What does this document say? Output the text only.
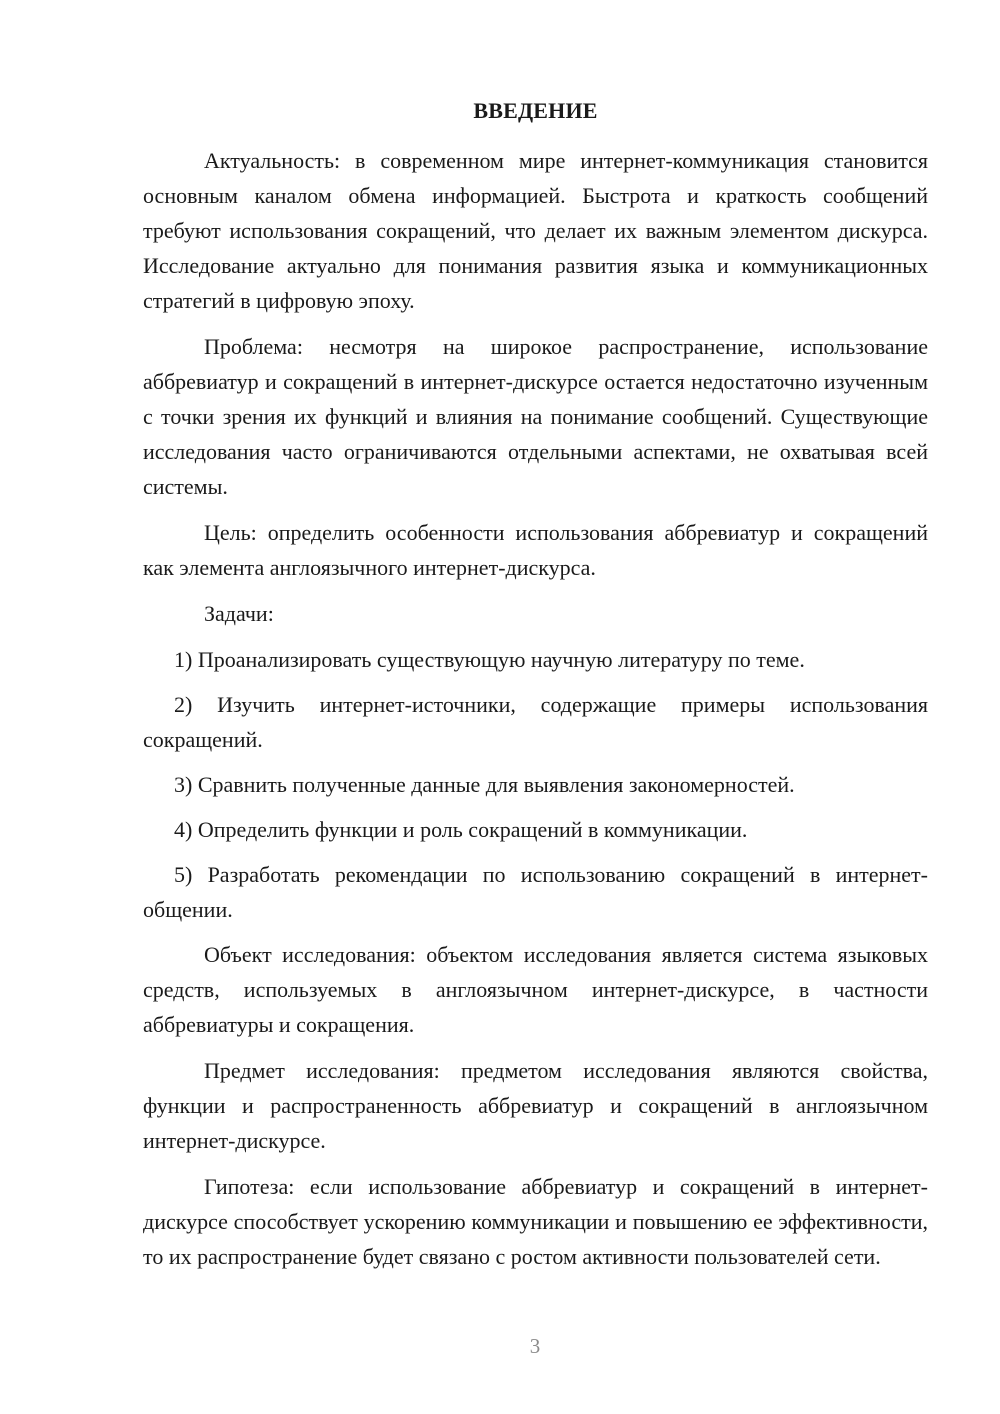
ВВЕДЕНИЕ

Актуальность: в современном мире интернет-коммуникация становится основным каналом обмена информацией. Быстрота и краткость сообщений требуют использования сокращений, что делает их важным элементом дискурса. Исследование актуально для понимания развития языка и коммуникационных стратегий в цифровую эпоху.

Проблема: несмотря на широкое распространение, использование аббревиатур и сокращений в интернет-дискурсе остается недостаточно изученным с точки зрения их функций и влияния на понимание сообщений. Существующие исследования часто ограничиваются отдельными аспектами, не охватывая всей системы.

Цель: определить особенности использования аббревиатур и сокращений как элемента англоязычного интернет-дискурса.

Задачи:

1) Проанализировать существующую научную литературу по теме.

2) Изучить интернет-источники, содержащие примеры использования сокращений.

3) Сравнить полученные данные для выявления закономерностей.

4) Определить функции и роль сокращений в коммуникации.

5) Разработать рекомендации по использованию сокращений в интернет-общении.

Объект исследования: объектом исследования является система языковых средств, используемых в англоязычном интернет-дискурсе, в частности аббревиатуры и сокращения.

Предмет исследования: предметом исследования являются свойства, функции и распространенность аббревиатур и сокращений в англоязычном интернет-дискурсе.

Гипотеза: если использование аббревиатур и сокращений в интернет-дискурсе способствует ускорению коммуникации и повышению ее эффективности, то их распространение будет связано с ростом активности пользователей сети.

3
